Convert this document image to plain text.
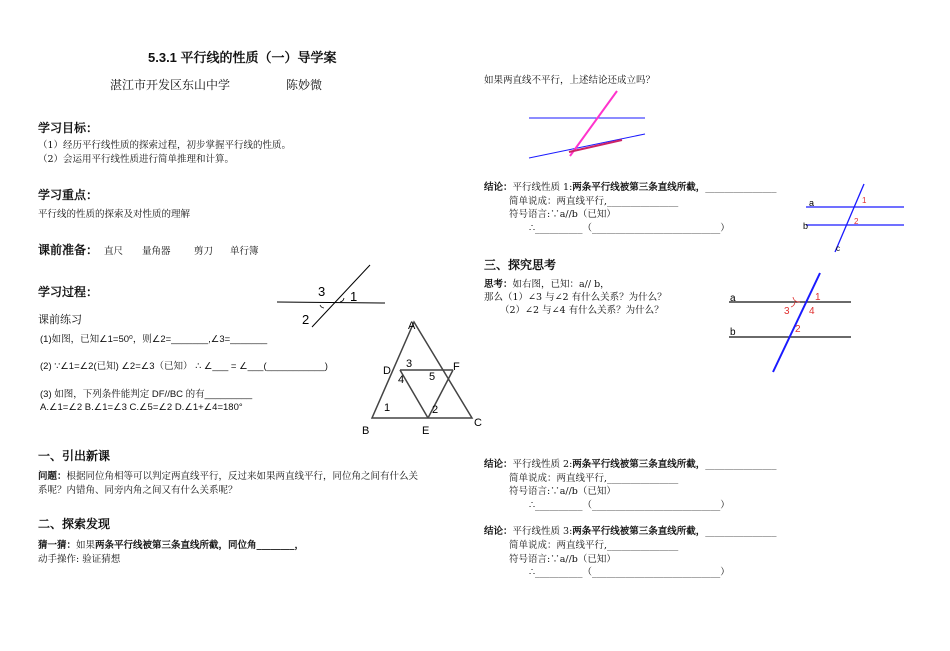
5.3.1 平行线的性质（一）导学案
湛江市开发区东山中学	陈妙微
学习目标：
（1）经历平行线性质的探索过程，初步掌握平行线的性质。
（2）会运用平行线性质进行简单推理和计算。
学习重点：
平行线的性质的探索及对性质的理解
课前准备： 直尺 量角器 剪刀 单行簿
学习过程：
课前练习
(1)如图，已知∠1=50⁰，则∠2=_______,∠3=_______
(2) ∵∠1=∠2(已知) ∠2=∠3（已知） ∴ ∠___ = ∠___(___________)
(3) 如图，下列条件能判定 DF//BC 的有_________
A.∠1=∠2 B.∠1=∠3 C.∠5=∠2 D.∠1+∠4=180°
一、引出新课
问题：根据同位角相等可以判定两直线平行，反过来如果两直线平行，同位角之间有什么关
系呢？内错角、同旁内角之间又有什么关系呢？
二、探索发现
猜一猜：如果两条平行线被第三条直线所截，同位角________，
动手操作: 验证猜想
3 1
2	A
B
C
D
E
F
1	2
3
4 5
如果两直线不平行，上述结论还成立吗？
结论：平行线性质 1:两条平行线被第三条直线所截，_______________
简单说成：两直线平行,_______________
符号语言:∵a//b（已知）
∴__________（___________________________）
a
b
c
1
2
三、探究思考
思考：如右图，已知：a// b，
那么（1）∠3 与∠2 有什么关系？为什么？
（2）∠2 与∠4 有什么关系？为什么？
a
b
1
2
3 4
结论：平行线性质 2:两条平行线被第三条直线所截，_______________
简单说成：两直线平行,_______________
符号语言:∵a//b（已知）
∴__________（___________________________）
结论：平行线性质 3:两条平行线被第三条直线所截，_______________
简单说成：两直线平行,_______________
符号语言:∵a//b（已知）
∴__________（___________________________）
